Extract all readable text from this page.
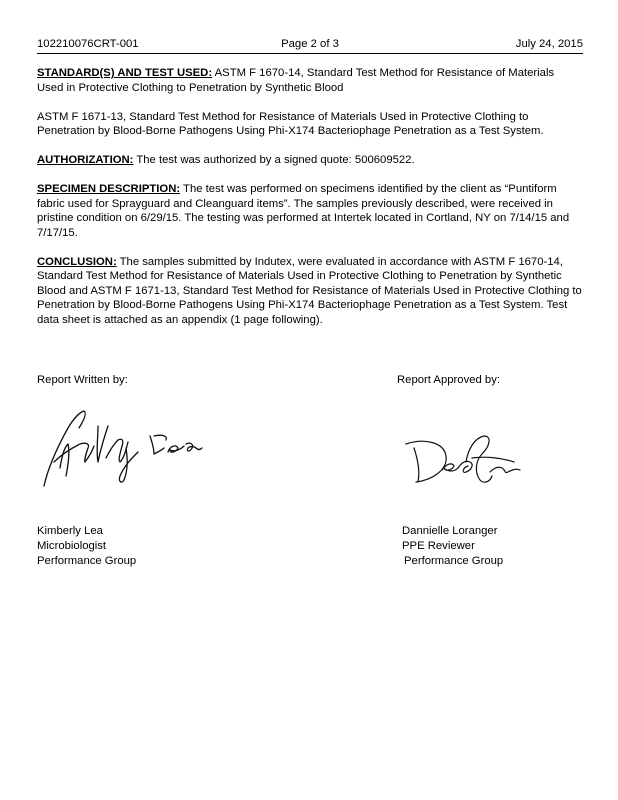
102210076CRT-001	Page 2 of 3	July 24, 2015

STANDARD(S) AND TEST USED: ASTM F 1670-14, Standard Test Method for Resistance of Materials Used in Protective Clothing to Penetration by Synthetic Blood

ASTM F 1671-13, Standard Test Method for Resistance of Materials Used in Protective Clothing to Penetration by Blood-Borne Pathogens Using Phi-X174 Bacteriophage Penetration as a Test System.

AUTHORIZATION: The test was authorized by a signed quote: 500609522.

SPECIMEN DESCRIPTION: The test was performed on specimens identified by the client as “Puntiform fabric used for Sprayguard and Cleanguard items”. The samples previously described, were received in pristine condition on 6/29/15. The testing was performed at Intertek located in Cortland, NY on 7/14/15 and 7/17/15.

CONCLUSION: The samples submitted by Indutex, were evaluated in accordance with ASTM F 1670-14, Standard Test Method for Resistance of Materials Used in Protective Clothing to Penetration by Synthetic Blood and ASTM F 1671-13, Standard Test Method for Resistance of Materials Used in Protective Clothing to Penetration by Blood-Borne Pathogens Using Phi-X174 Bacteriophage Penetration as a Test System. Test data sheet is attached as an appendix (1 page following).

Report Written by:	Report Approved by:
Kimberly Lea
Microbiologist
Performance Group
Dannielle Loranger
PPE Reviewer
Performance Group
